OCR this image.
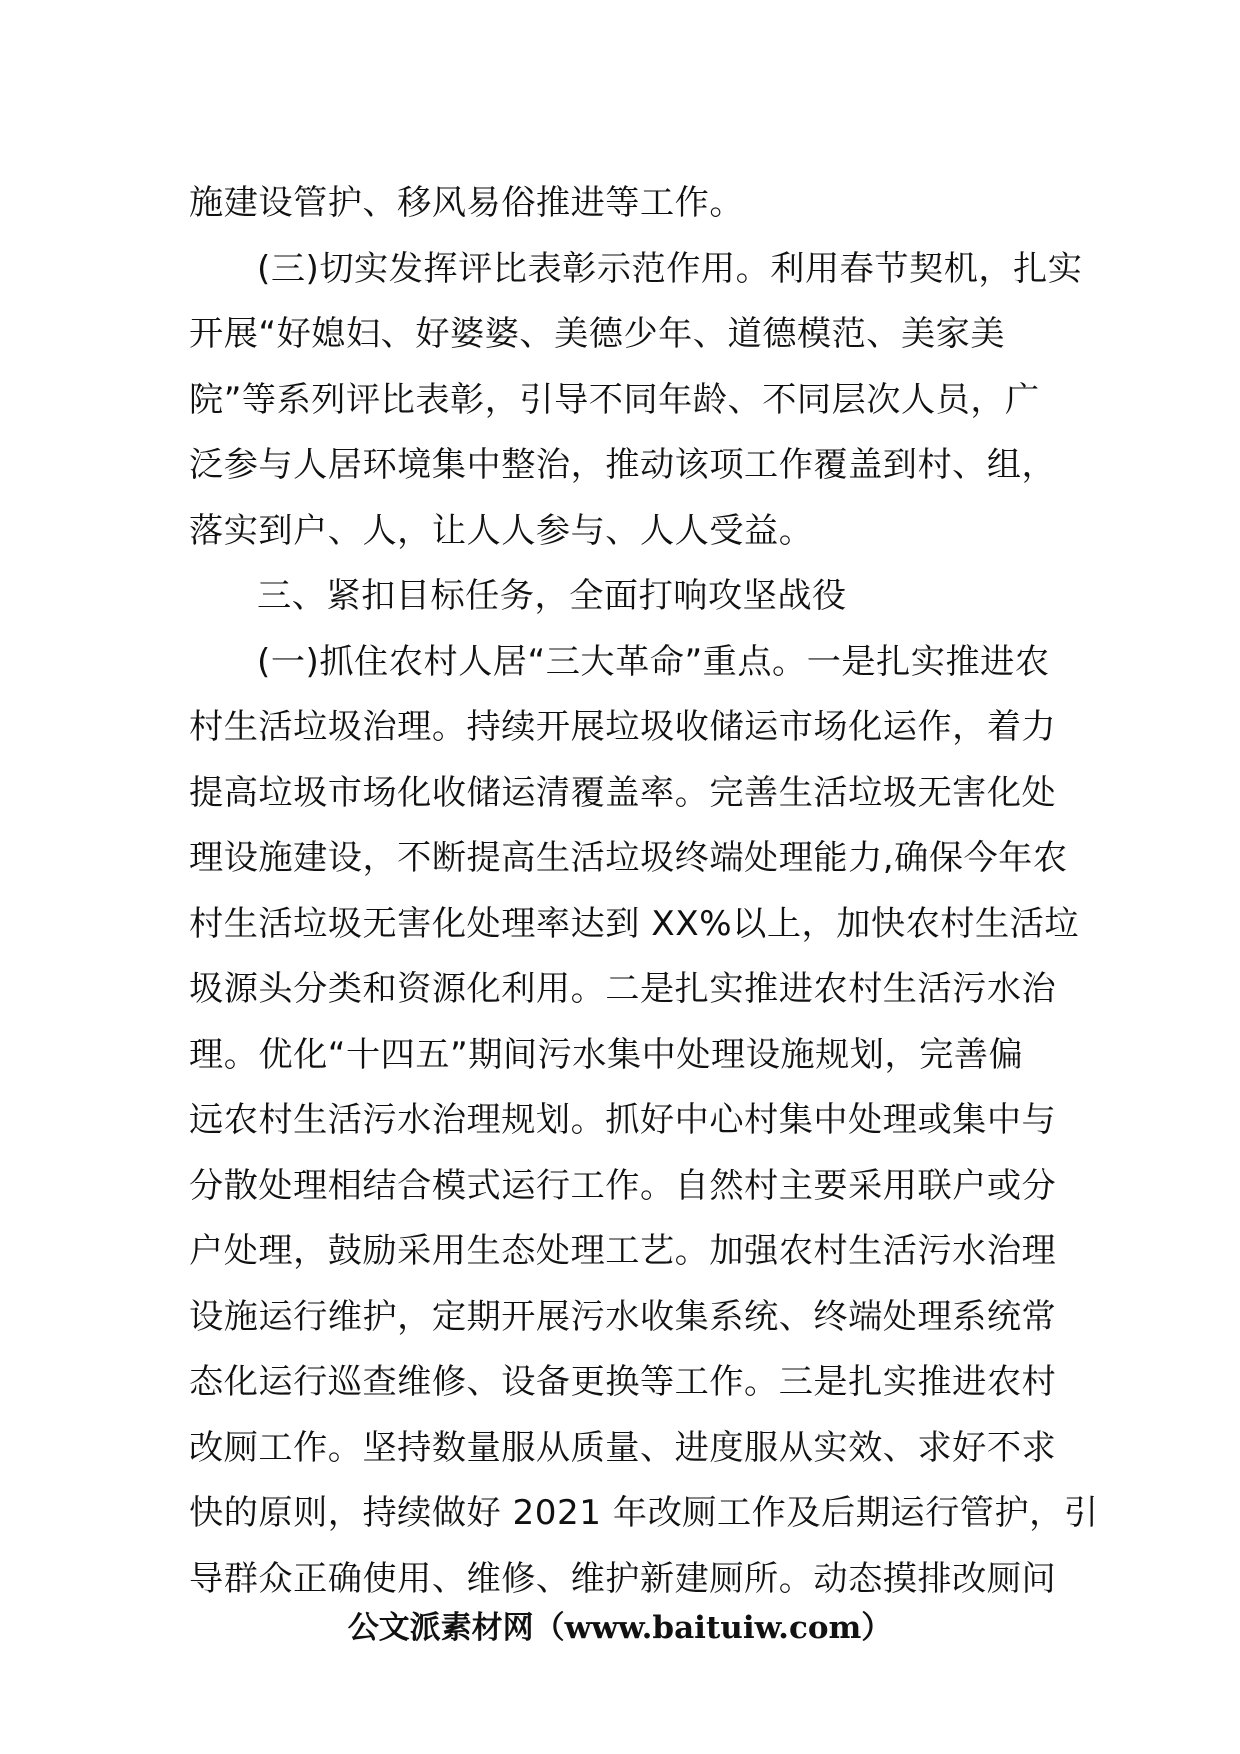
施建设管护、移风易俗推进等工作。
(三)切实发挥评比表彰示范作用。利用春节契机，扎实
开展“好媳妇、好婆婆、美德少年、道德模范、美家美
院”等系列评比表彰，引导不同年龄、不同层次人员，广
泛参与人居环境集中整治，推动该项工作覆盖到村、组，
落实到户、人，让人人参与、人人受益。
三、紧扣目标任务，全面打响攻坚战役
(一)抓住农村人居“三大革命”重点。一是扎实推进农
村生活垃圾治理。持续开展垃圾收储运市场化运作，着力
提高垃圾市场化收储运清覆盖率。完善生活垃圾无害化处
理设施建设，不断提高生活垃圾终端处理能力,确保今年农
村生活垃圾无害化处理率达到 XX%以上，加快农村生活垃
圾源头分类和资源化利用。二是扎实推进农村生活污水治
理。优化“十四五”期间污水集中处理设施规划，完善偏
远农村生活污水治理规划。抓好中心村集中处理或集中与
分散处理相结合模式运行工作。自然村主要采用联户或分
户处理，鼓励采用生态处理工艺。加强农村生活污水治理
设施运行维护，定期开展污水收集系统、终端处理系统常
态化运行巡查维修、设备更换等工作。三是扎实推进农村
改厕工作。坚持数量服从质量、进度服从实效、求好不求
快的原则，持续做好 2021 年改厕工作及后期运行管护，引
导群众正确使用、维修、维护新建厕所。动态摸排改厕问
公文派素材网（www.baituiw.com）
